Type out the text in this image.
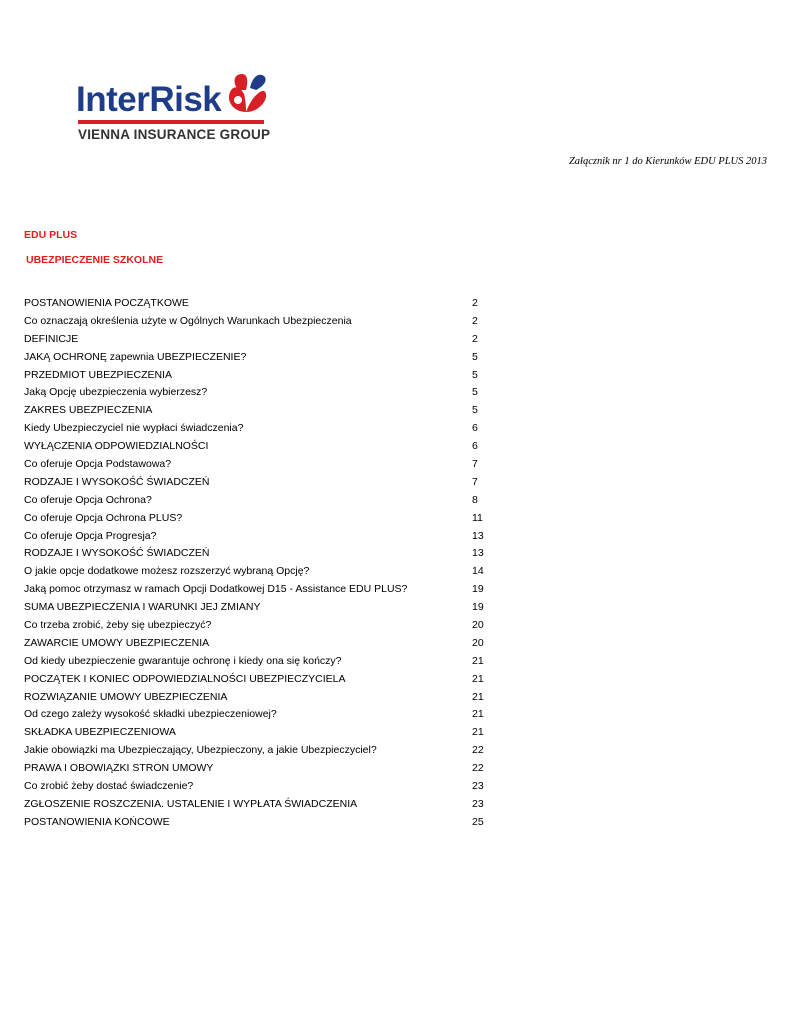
InterRisk
VIENNA INSURANCE GROUP
Załącznik nr 1 do Kierunków EDU PLUS 2013
EDU PLUS
UBEZPIECZENIE SZKOLNE
POSTANOWIENIA POCZĄTKOWE	2
Co oznaczają określenia użyte w Ogólnych Warunkach Ubezpieczenia	2
DEFINICJE	2
JAKĄ OCHRONĘ zapewnia UBEZPIECZENIE?	5
PRZEDMIOT UBEZPIECZENIA	5
Jaką Opcję ubezpieczenia wybierzesz?	5
ZAKRES UBEZPIECZENIA	5
Kiedy Ubezpieczyciel nie wypłaci świadczenia?	6
WYŁĄCZENIA ODPOWIEDZIALNOŚCI	6
Co oferuje Opcja Podstawowa?	7
RODZAJE I WYSOKOŚĆ ŚWIADCZEŃ	7
Co oferuje Opcja Ochrona?	8
Co oferuje Opcja Ochrona PLUS?	11
Co oferuje Opcja Progresja?	13
RODZAJE I WYSOKOŚĆ ŚWIADCZEŃ	13
O jakie opcje dodatkowe możesz rozszerzyć wybraną Opcję?	14
Jaką pomoc otrzymasz w ramach Opcji Dodatkowej D15 - Assistance EDU PLUS?	19
SUMA UBEZPIECZENIA I WARUNKI JEJ ZMIANY	19
Co trzeba zrobić, żeby się ubezpieczyć?	20
ZAWARCIE UMOWY UBEZPIECZENIA	20
Od kiedy ubezpieczenie gwarantuje ochronę i kiedy ona się kończy?	21
POCZĄTEK I KONIEC ODPOWIEDZIALNOŚCI UBEZPIECZYCIELA	21
ROZWIĄZANIE UMOWY UBEZPIECZENIA	21
Od czego zależy wysokość składki ubezpieczeniowej?	21
SKŁADKA UBEZPIECZENIOWA	21
Jakie obowiązki ma Ubezpieczający, Ubezpieczony, a jakie Ubezpieczyciel?	22
PRAWA I OBOWIĄZKI STRON UMOWY	22
Co zrobić żeby dostać świadczenie?	23
ZGŁOSZENIE ROSZCZENIA. USTALENIE I WYPŁATA ŚWIADCZENIA	23
POSTANOWIENIA KOŃCOWE	25
